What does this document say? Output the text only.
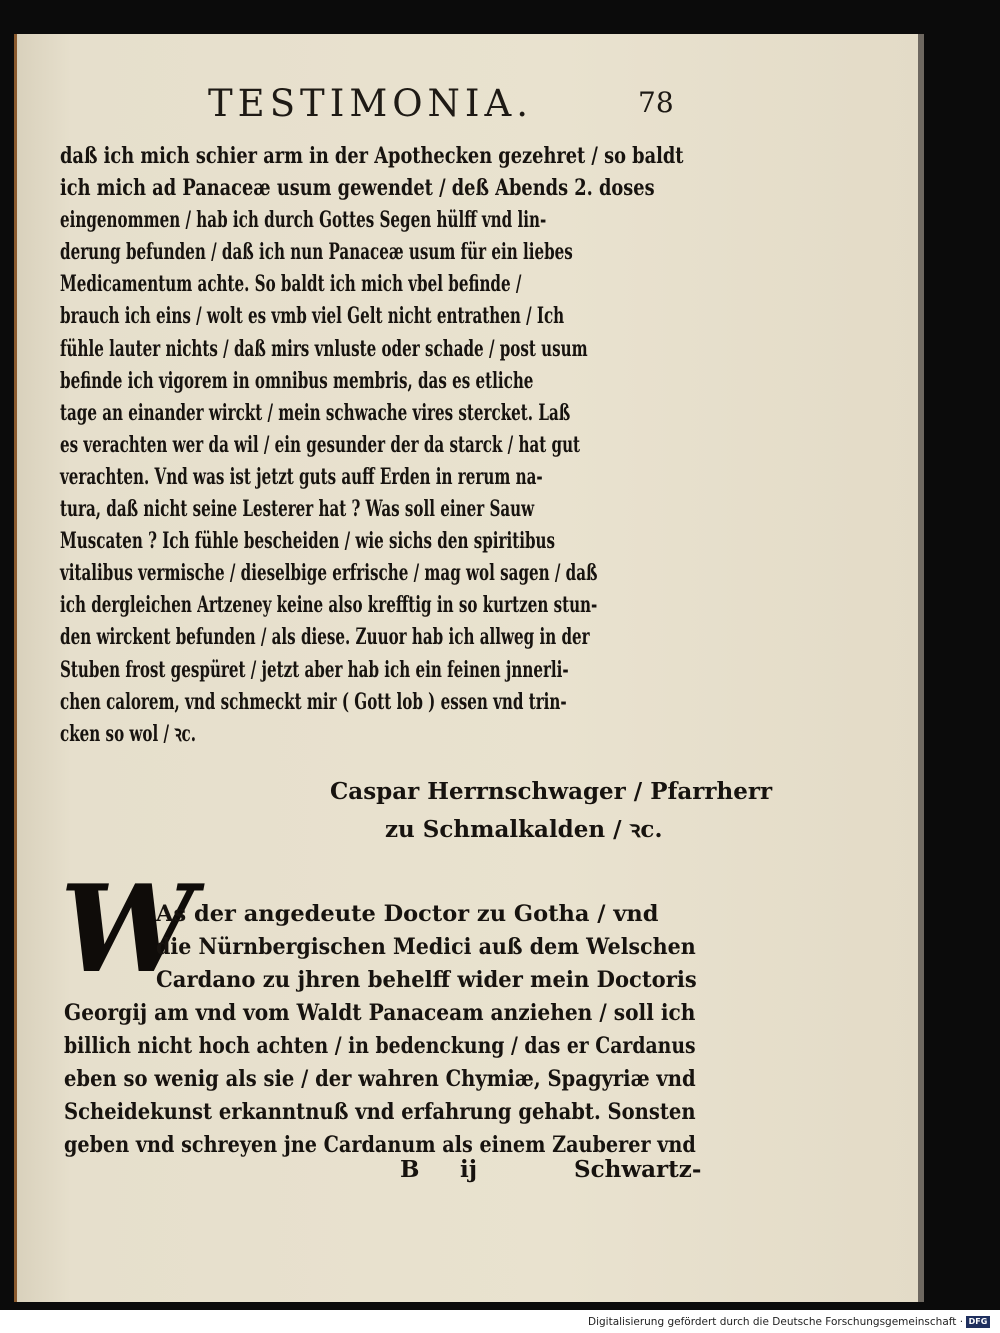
TESTIMONIA.	78
daß ich mich schier arm in der Apothecken gezehret / so baldt ich mich ad Panaceæ usum gewendet / deß Abends 2. doses eingenommen / hab ich durch Gottes Segen hülff vnd lin- derung befunden / daß ich nun Panaceæ usum für ein liebes Medicamentum achte. So baldt ich mich vbel befinde / brauch ich eins / wolt es vmb viel Gelt nicht entrathen / Ich fühle lauter nichts / daß mirs vnluste oder schade / post usum befinde ich vigorem in omnibus membris, das es etliche tage an einander wirckt / mein schwache vires stercket. Laß es verachten wer da wil / ein gesunder der da starck / hat gut verachten. Vnd was ist jetzt guts auff Erden in rerum na- tura, daß nicht seine Lesterer hat ? Was soll einer Sauw Muscaten ? Ich fühle bescheiden / wie sichs den spiritibus vitalibus vermische / dieselbige erfrische / mag wol sagen / daß ich dergleichen Artzeney keine also krefftig in so kurtzen stun- den wirckent befunden / als diese. Zuuor hab ich allweg in der Stuben frost gespüret / jetzt aber hab ich ein feinen jnnerli- chen calorem, vnd schmeckt mir ( Gott lob ) essen vnd trin- cken so wol / ꝛc.
Caspar Herrnschwager / Pfarrherr
zu Schmalkalden / ꝛc.
W
As der angedeute Doctor zu Gotha / vnd
die Nürnbergischen Medici auß dem Welschen
Cardano zu jhren behelff wider mein Doctoris
Georgij am vnd vom Waldt Panaceam anziehen / soll ich
billich nicht hoch achten / in bedenckung / das er Cardanus
eben so wenig als sie / der wahren Chymiæ, Spagyriæ vnd
Scheidekunst erkanntnuß vnd erfahrung gehabt. Sonsten
geben vnd schreyen jne Cardanum als einem Zauberer vnd
B ij	Schwartz-
Digitalisierung gefördert durch die Deutsche Forschungsgemeinschaft · DFG
